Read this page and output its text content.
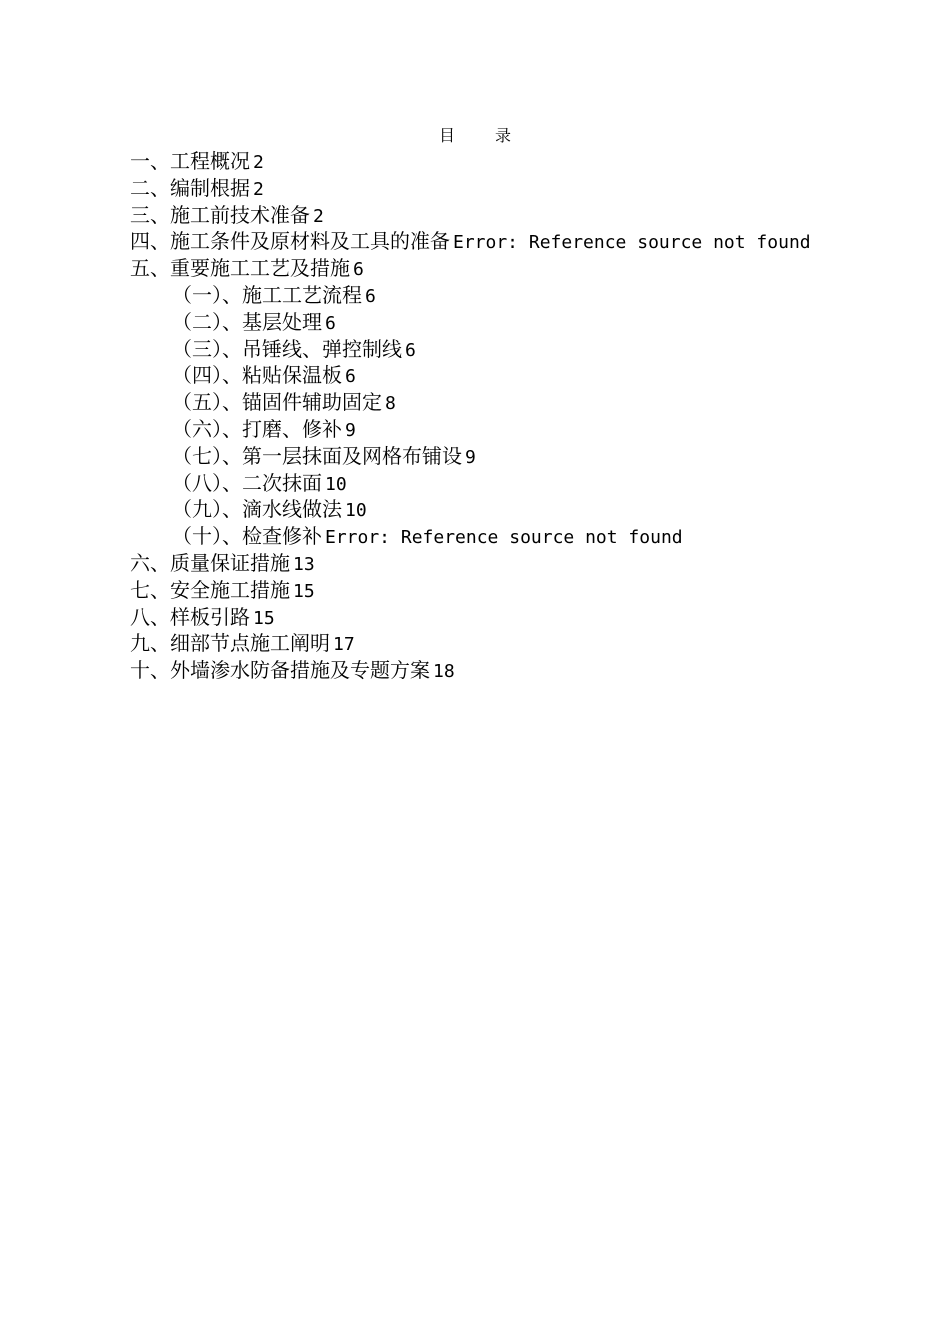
目	录
一、工程概况 2
二、编制根据 2
三、施工前技术准备 2
四、施工条件及原材料及工具的准备 Error: Reference source not found
五、重要施工工艺及措施 6
（一）、施工工艺流程 6
（二）、基层处理 6
（三）、吊锤线、弹控制线 6
（四）、粘贴保温板 6
（五）、锚固件辅助固定 8
（六）、打磨、修补 9
（七）、第一层抹面及网格布铺设 9
（八）、二次抹面 10
（九）、滴水线做法 10
（十）、检查修补 Error: Reference source not found
六、质量保证措施 13
七、安全施工措施 15
八、样板引路 15
九、细部节点施工阐明 17
十、外墙渗水防备措施及专题方案 18
